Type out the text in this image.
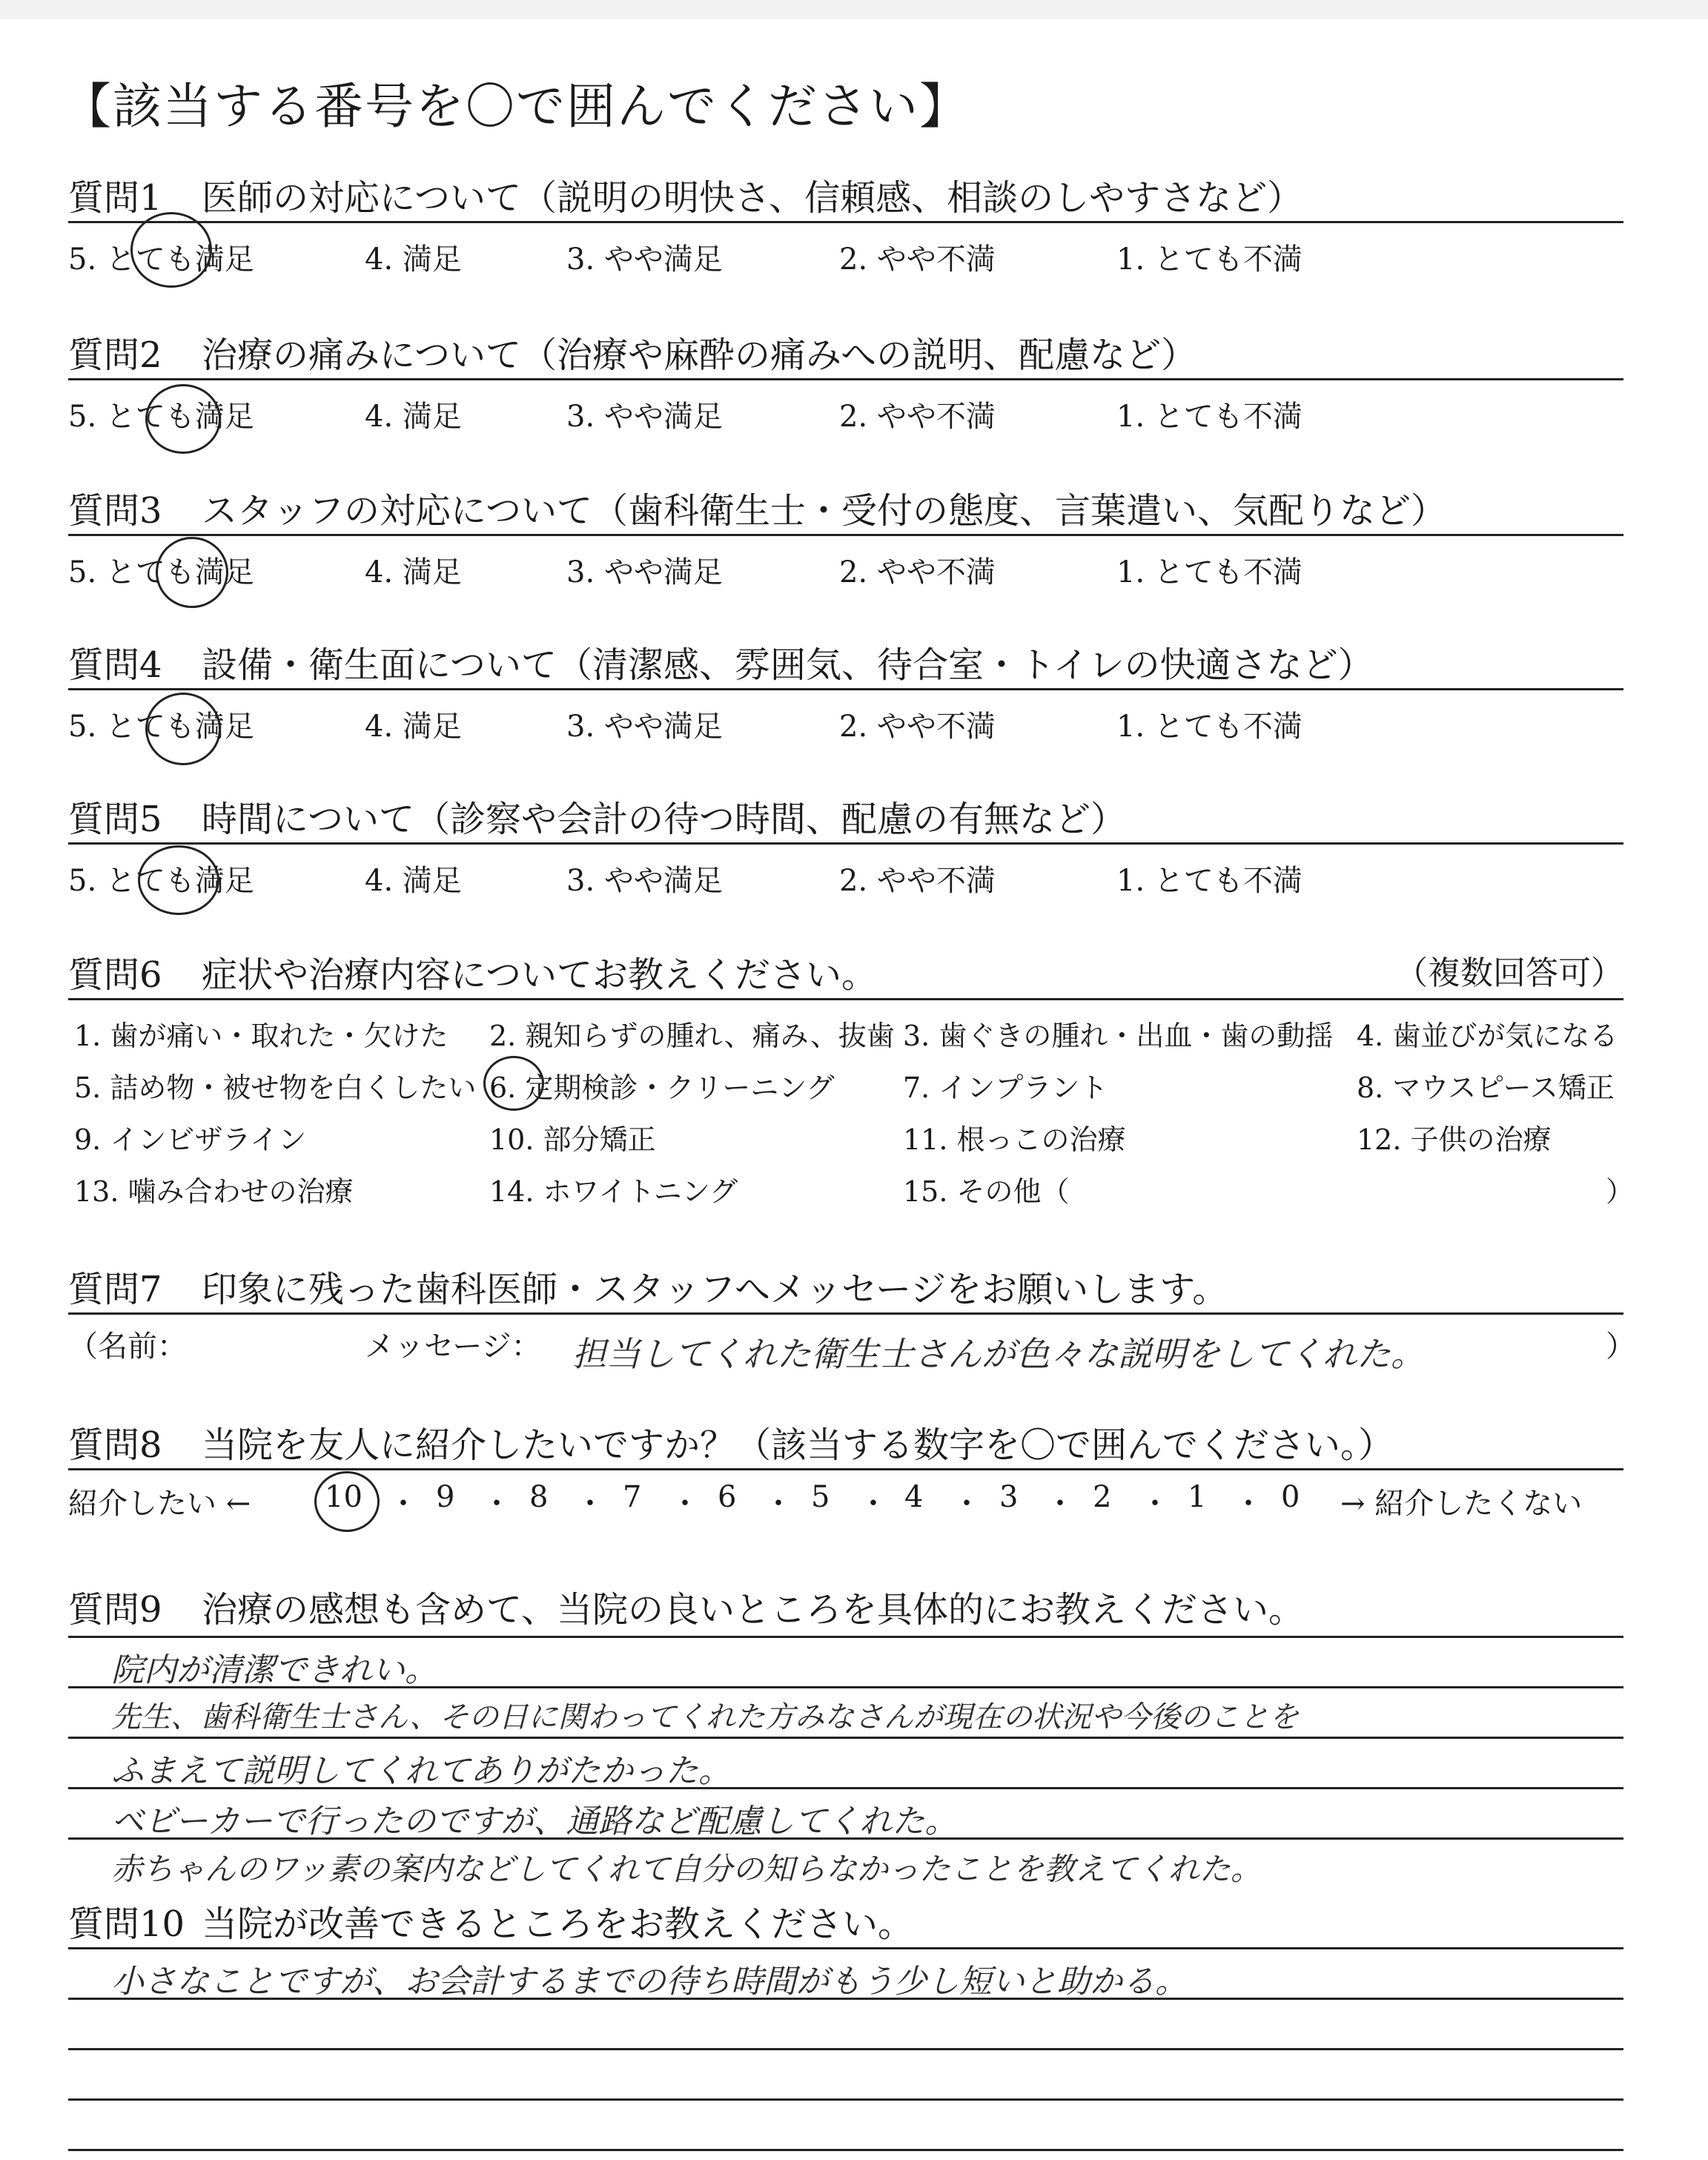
【該当する番号を〇で囲んでください】
質問1 医師の対応について（説明の明快さ、信頼感、相談のしやすさなど）
5. とても満足	4. 満足	3. やや満足	2. やや不満	1. とても不満
質問2 治療の痛みについて（治療や麻酔の痛みへの説明、配慮など）
5. とても満足	4. 満足	3. やや満足	2. やや不満	1. とても不満
質問3 スタッフの対応について（歯科衛生士・受付の態度、言葉遣い、気配りなど）
5. とても満足	4. 満足	3. やや満足	2. やや不満	1. とても不満
質問4 設備・衛生面について（清潔感、雰囲気、待合室・トイレの快適さなど）
5. とても満足	4. 満足	3. やや満足	2. やや不満	1. とても不満
質問5 時間について（診察や会計の待つ時間、配慮の有無など）
5. とても満足	4. 満足	3. やや満足	2. やや不満	1. とても不満
質問6 症状や治療内容についてお教えください。	（複数回答可）
1. 歯が痛い・取れた・欠けた 2. 親知らずの腫れ、痛み、抜歯 3. 歯ぐきの腫れ・出血・歯の動揺 4. 歯並びが気になる
5. 詰め物・被せ物を白くしたい 6. 定期検診・クリーニング 7. インプラント	8. マウスピース矯正
9. インビザライン	10. 部分矯正	11. 根っこの治療	12. 子供の治療
13. 噛み合わせの治療	14. ホワイトニング	15. その他（	）
質問7 印象に残った歯科医師・スタッフへメッセージをお願いします。
（名前：	メッセージ： 担当してくれた衛生士さんが色々な説明をしてくれた。	）
質問8 当院を友人に紹介したいですか？（該当する数字を〇で囲んでください。）
紹介したい ← 10 ・ 9 ・ 8 ・ 7 ・ 6 ・ 5 ・ 4 ・ 3 ・ 2 ・ 1 ・ 0 → 紹介したくない
質問9 治療の感想も含めて、当院の良いところを具体的にお教えください。
院内が清潔できれい。
先生、歯科衛生士さん、その日に関わってくれた方みなさんが現在の状況や今後のことを
ふまえて説明してくれてありがたかった。
ベビーカーで行ったのですが、通路など配慮してくれた。
赤ちゃんのワッ素の案内などしてくれて自分の知らなかったことを教えてくれた。
質問10 当院が改善できるところをお教えください。
小さなことですが、お会計するまでの待ち時間がもう少し短いと助かる。
